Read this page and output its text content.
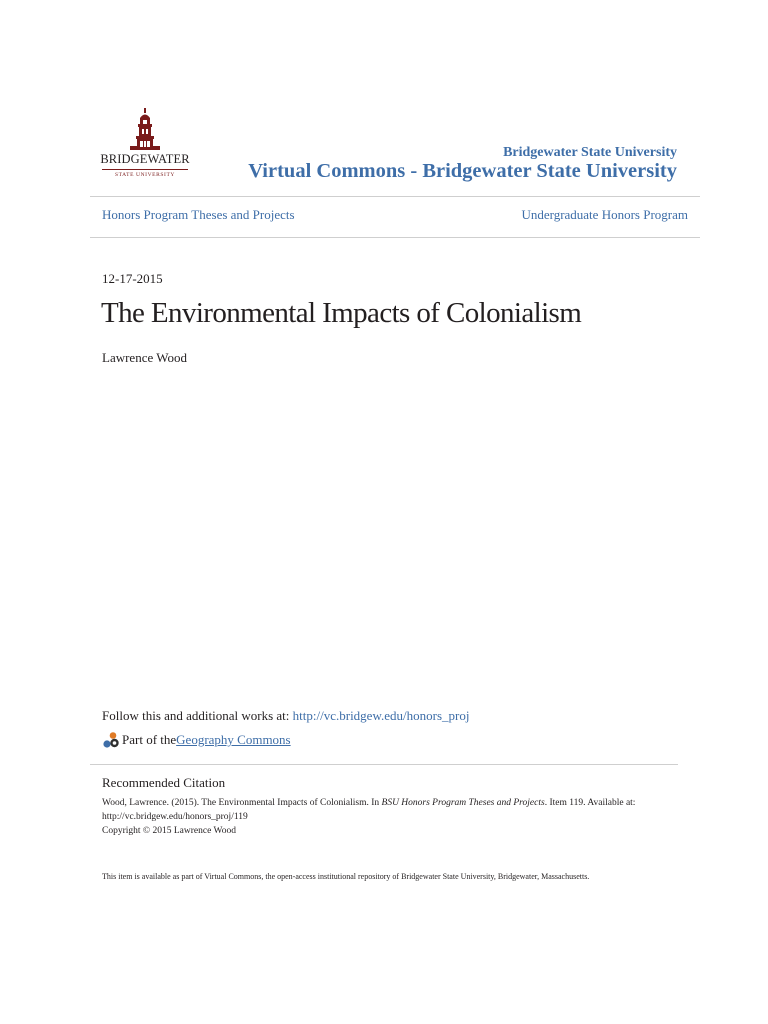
BRIDGEWATER
STATE UNIVERSITY
Bridgewater State University
Virtual Commons - Bridgewater State University
Honors Program Theses and Projects	Undergraduate Honors Program
12-17-2015
The Environmental Impacts of Colonialism
Lawrence Wood
Follow this and additional works at: http://vc.bridgew.edu/honors_proj
Part of the Geography Commons
Recommended Citation
Wood, Lawrence. (2015). The Environmental Impacts of Colonialism. In BSU Honors Program Theses and Projects. Item 119. Available at: http://vc.bridgew.edu/honors_proj/119
Copyright © 2015 Lawrence Wood
This item is available as part of Virtual Commons, the open-access institutional repository of Bridgewater State University, Bridgewater, Massachusetts.
